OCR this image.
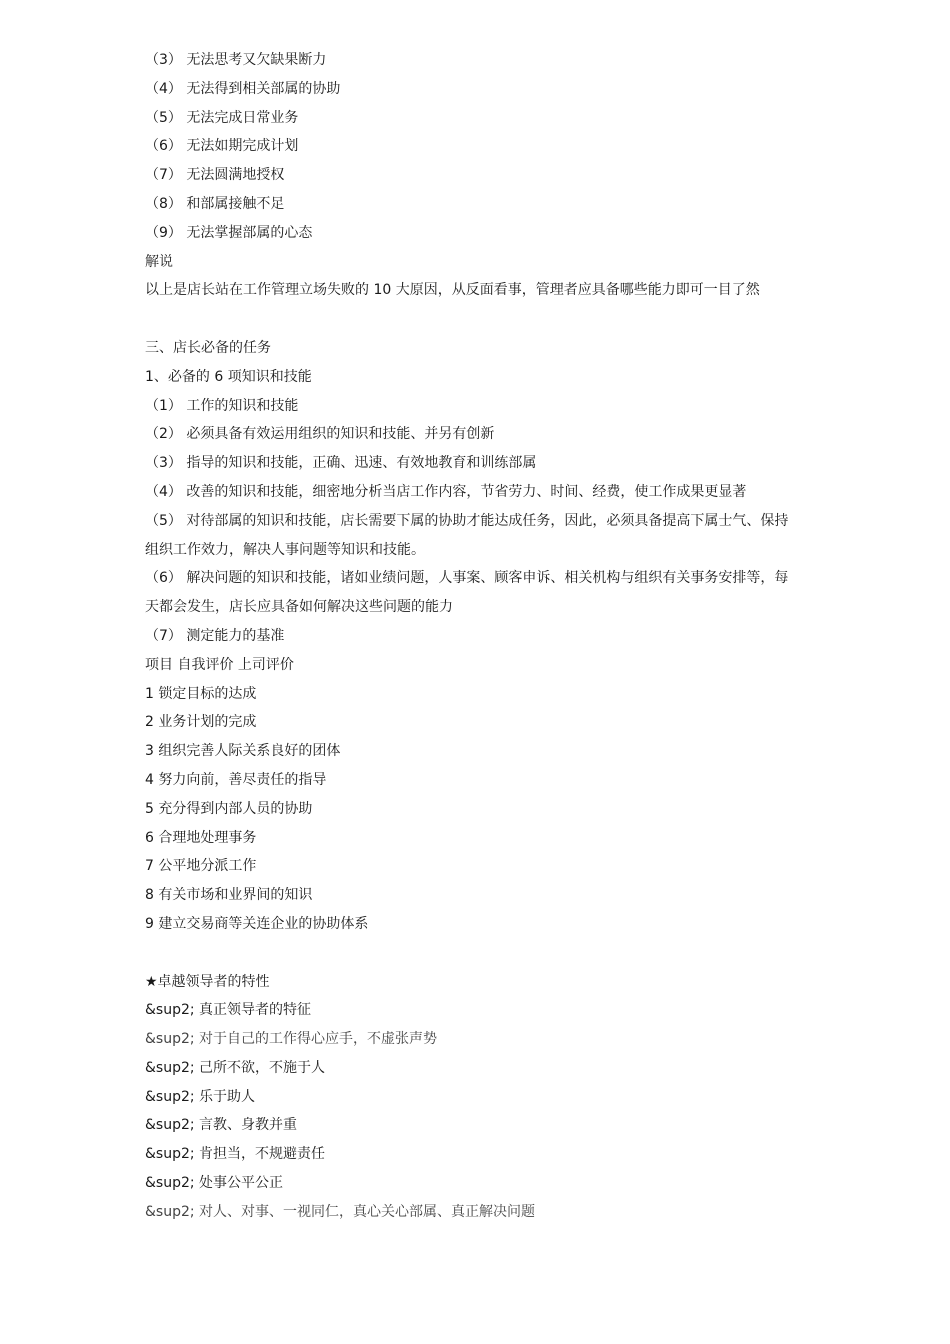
（3） 无法思考又欠缺果断力
（4） 无法得到相关部属的协助
（5） 无法完成日常业务
（6） 无法如期完成计划
（7） 无法圆满地授权
（8） 和部属接触不足
（9） 无法掌握部属的心态
解说
以上是店长站在工作管理立场失败的 10 大原因，从反面看事，管理者应具备哪些能力即可一目了然
三、店长必备的任务
1、必备的 6 项知识和技能
（1） 工作的知识和技能
（2） 必须具备有效运用组织的知识和技能、并另有创新
（3） 指导的知识和技能，正确、迅速、有效地教育和训练部属
（4） 改善的知识和技能，细密地分析当店工作内容，节省劳力、时间、经费，使工作成果更显著
（5） 对待部属的知识和技能，店长需要下属的协助才能达成任务，因此，必须具备提高下属士气、保持
组织工作效力，解决人事问题等知识和技能。
（6） 解决问题的知识和技能，诸如业绩问题，人事案、顾客申诉、相关机构与组织有关事务安排等，每
天都会发生，店长应具备如何解决这些问题的能力
（7） 测定能力的基准
项目 自我评价 上司评价
1 锁定目标的达成
2 业务计划的完成
3 组织完善人际关系良好的团体
4 努力向前，善尽责任的指导
5 充分得到内部人员的协助
6 合理地处理事务
7 公平地分派工作
8 有关市场和业界间的知识
9 建立交易商等关连企业的协助体系
★卓越领导者的特性
&sup2; 真正领导者的特征
&sup2; 对于自己的工作得心应手，不虚张声势
&sup2; 己所不欲，不施于人
&sup2; 乐于助人
&sup2; 言教、身教并重
&sup2; 肯担当，不规避责任
&sup2; 处事公平公正
&sup2; 对人、对事、一视同仁，真心关心部属、真正解决问题
